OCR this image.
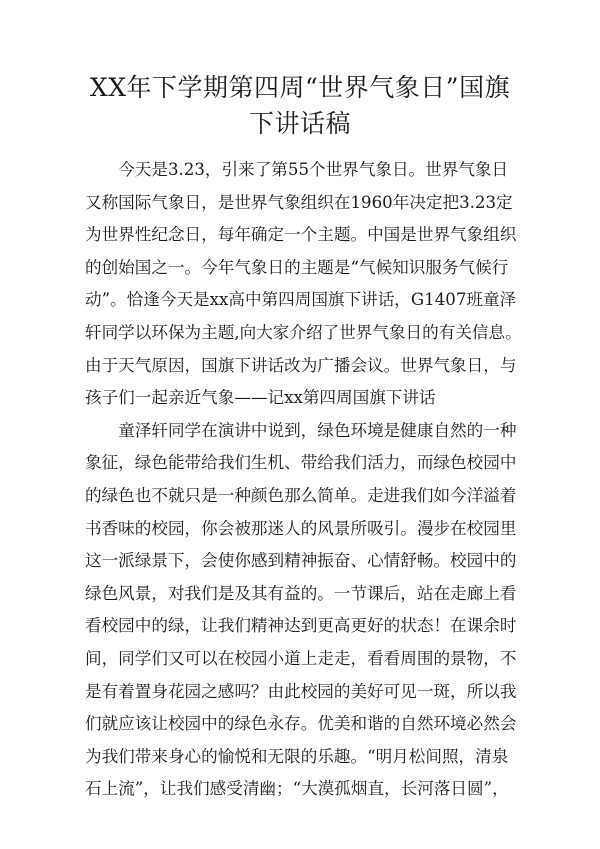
XX年下学期第四周“世界气象日”国旗
下讲话稿

今天是3.23，引来了第55个世界气象日。世界气象日
又称国际气象日，是世界气象组织在1960年决定把3.23定
为世界性纪念日，每年确定一个主题。中国是世界气象组织
的创始国之一。今年气象日的主题是“气候知识服务气候行
动”。恰逢今天是xx高中第四周国旗下讲话，G1407班童泽
轩同学以环保为主题,向大家介绍了世界气象日的有关信息。
由于天气原因，国旗下讲话改为广播会议。世界气象日，与
孩子们一起亲近气象——记xx第四周国旗下讲话

童泽轩同学在演讲中说到，绿色环境是健康自然的一种
象征，绿色能带给我们生机、带给我们活力，而绿色校园中
的绿色也不就只是一种颜色那么简单。走进我们如今洋溢着
书香味的校园，你会被那迷人的风景所吸引。漫步在校园里
这一派绿景下，会使你感到精神振奋、心情舒畅。校园中的
绿色风景，对我们是及其有益的。一节课后，站在走廊上看
看校园中的绿，让我们精神达到更高更好的状态！在课余时
间，同学们又可以在校园小道上走走，看看周围的景物，不
是有着置身花园之感吗？由此校园的美好可见一斑，所以我
们就应该让校园中的绿色永存。优美和谐的自然环境必然会
为我们带来身心的愉悦和无限的乐趣。“明月松间照，清泉
石上流”，让我们感受清幽；“大漠孤烟直，长河落日圆”，
